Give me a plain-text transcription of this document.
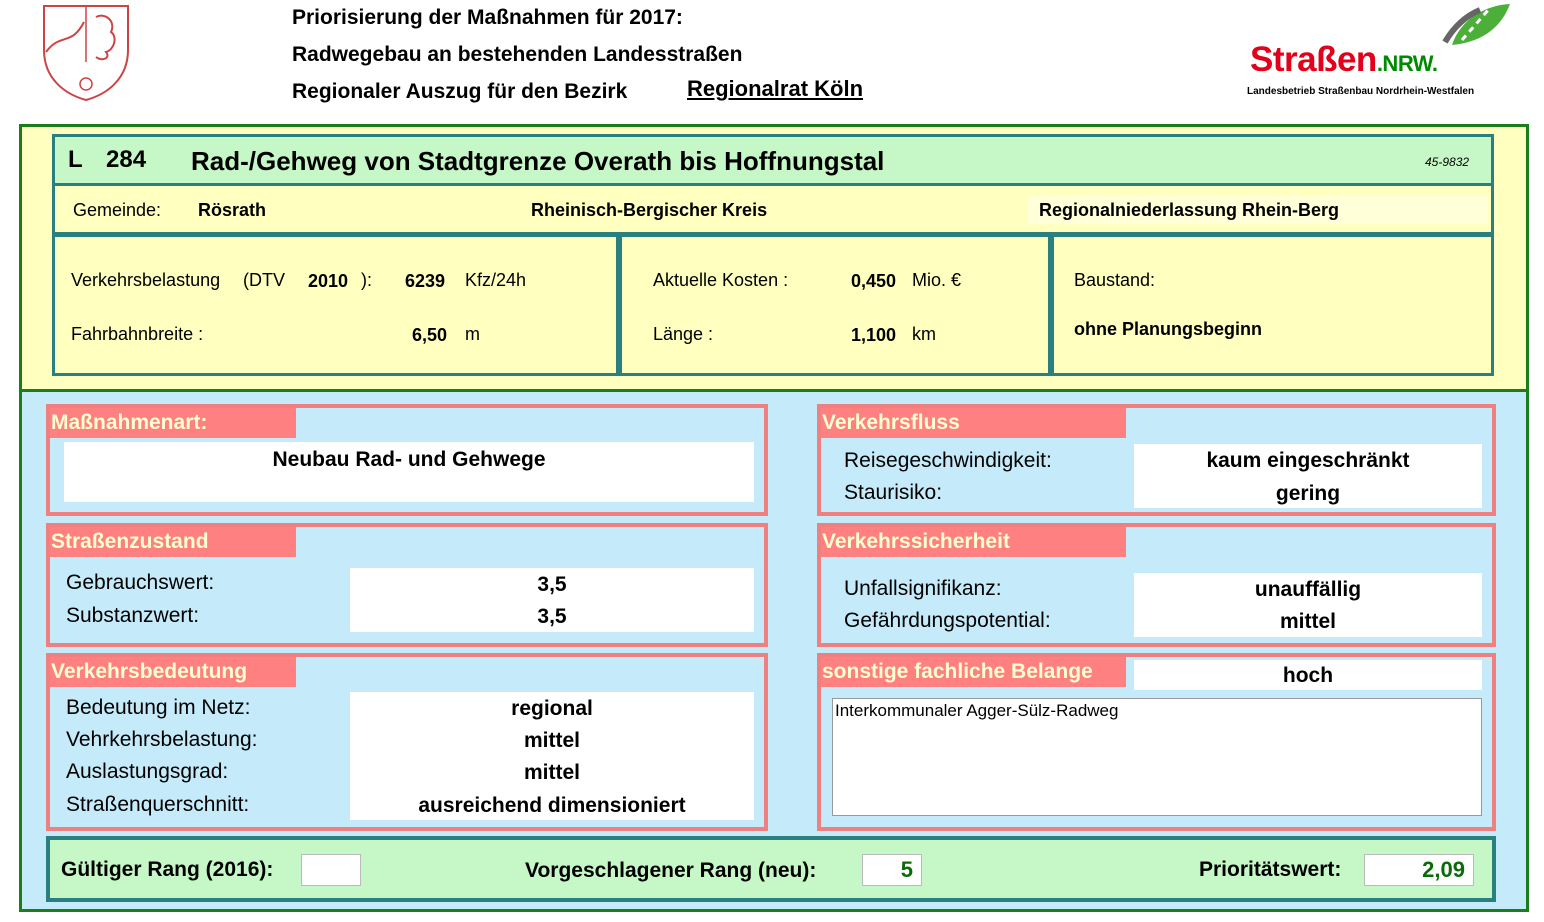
Priorisierung der Maßnahmen für 2017:
Radwegebau an bestehenden Landesstraßen
Regionaler Auszug für den Bezirk	Regionalrat Köln
Straßen.NRW.
Landesbetrieb Straßenbau Nordrhein-Westfalen
L 284 Rad-/Gehweg von Stadtgrenze Overath bis Hoffnungstal	45-9832
Gemeinde: Rösrath	Rheinisch-Bergischer Kreis	Regionalniederlassung Rhein-Berg
Verkehrsbelastung (DTV 2010 ): 6239 Kfz/24h
Fahrbahnbreite :	6,50 m
Aktuelle Kosten :	0,450 Mio. €
Länge :	1,100 km
Baustand:
ohne Planungsbeginn
Maßnahmenart:
Neubau Rad- und Gehwege
Straßenzustand
Gebrauchswert:	3,5
Substanzwert:	3,5
Verkehrsbedeutung
Bedeutung im Netz:	regional
Vehrkehrsbelastung:	mittel
Auslastungsgrad:	mittel
Straßenquerschnitt:	ausreichend dimensioniert
Verkehrsfluss
Reisegeschwindigkeit:	kaum eingeschränkt
Staurisiko:	gering
Verkehrssicherheit
Unfallsignifikanz:	unauffällig
Gefährdungspotential:	mittel
sonstige fachliche Belange	hoch
Interkommunaler Agger-Sülz-Radweg
Gültiger Rang (2016):	Vorgeschlagener Rang (neu):	5	Prioritätswert:	2,09
